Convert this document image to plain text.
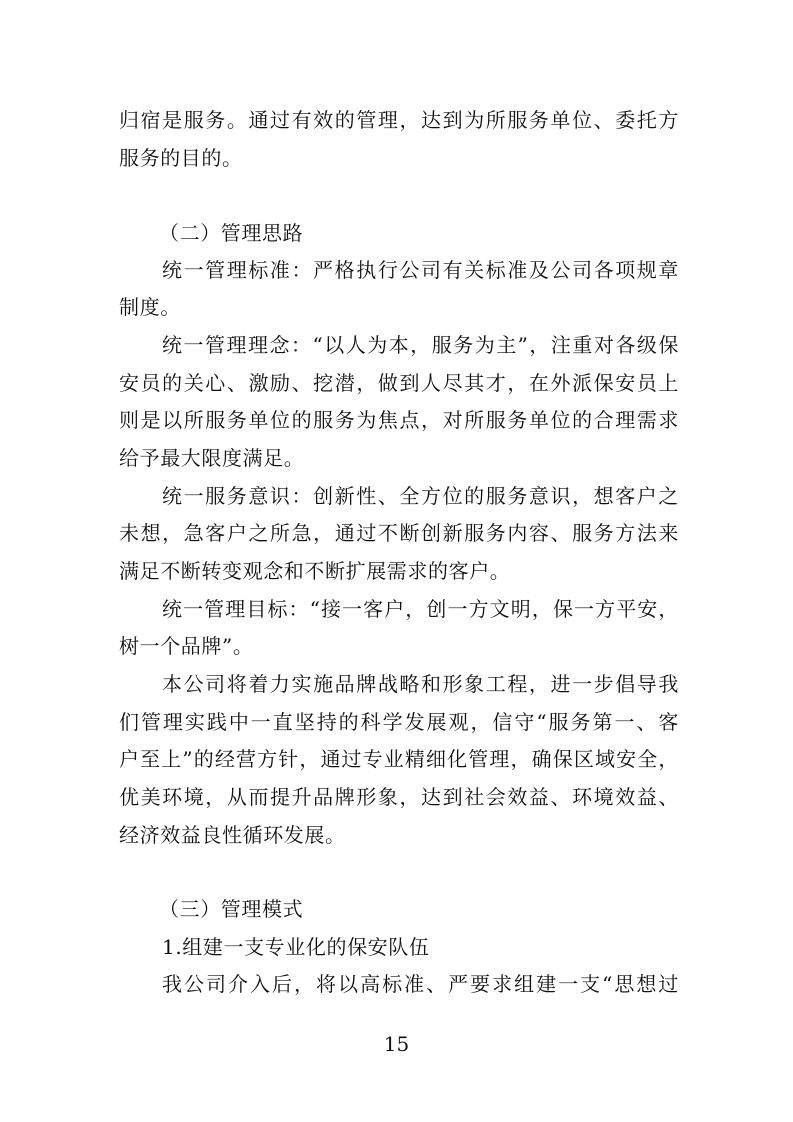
归宿是服务。通过有效的管理，达到为所服务单位、委托方
服务的目的。
（二）管理思路
统一管理标准：严格执行公司有关标准及公司各项规章
制度。
统一管理理念：“以人为本，服务为主”，注重对各级保
安员的关心、激励、挖潜，做到人尽其才，在外派保安员上
则是以所服务单位的服务为焦点，对所服务单位的合理需求
给予最大限度满足。
统一服务意识：创新性、全方位的服务意识，想客户之
未想，急客户之所急，通过不断创新服务内容、服务方法来
满足不断转变观念和不断扩展需求的客户。
统一管理目标：“接一客户，创一方文明，保一方平安，
树一个品牌”。
本公司将着力实施品牌战略和形象工程，进一步倡导我
们管理实践中一直坚持的科学发展观，信守“服务第一、客
户至上”的经营方针，通过专业精细化管理，确保区域安全，
优美环境，从而提升品牌形象，达到社会效益、环境效益、
经济效益良性循环发展。
（三）管理模式
1.组建一支专业化的保安队伍
我公司介入后，将以高标准、严要求组建一支“思想过
15
